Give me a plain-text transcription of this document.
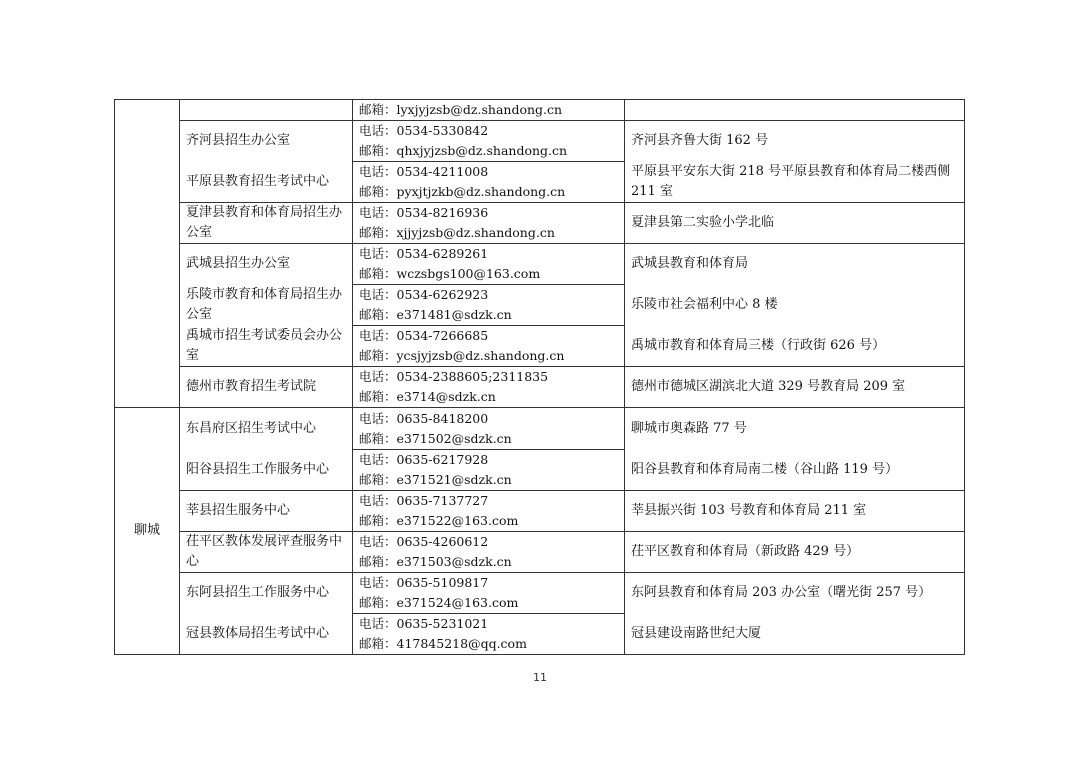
		邮箱：lyxjyjzsb@dz.shandong.cn	

	齐河县招生办公室	电话：0534-5330842
邮箱：qhxjyjzsb@dz.shandong.cn	齐河县齐鲁大街 162 号
	平原县教育招生考试中心	电话：0534-4211008
邮箱：pyxjtjzkb@dz.shandong.cn	平原县平安东大街 218 号平原县教育和体育局二楼西侧 211 室
	夏津县教育和体育局招生办公室	电话：0534-8216936
邮箱：xjjyjzsb@dz.shandong.cn	夏津县第二实验小学北临
	武城县招生办公室	电话：0534-6289261
邮箱：wczsbgs100@163.com	武城县教育和体育局
	乐陵市教育和体育局招生办公室	电话：0534-6262923
邮箱：e371481@sdzk.cn	乐陵市社会福利中心 8 楼
	禹城市招生考试委员会办公室	电话：0534-7266685
邮箱：ycsjyjzsb@dz.shandong.cn	禹城市教育和体育局三楼（行政街 626 号）
	德州市教育招生考试院	电话：0534-2388605;2311835
邮箱：e3714@sdzk.cn	德州市德城区湖滨北大道 329 号教育局 209 室
聊城	东昌府区招生考试中心	电话：0635-8418200
邮箱：e371502@sdzk.cn	聊城市奥森路 77 号
	阳谷县招生工作服务中心	电话：0635-6217928
邮箱：e371521@sdzk.cn	阳谷县教育和体育局南二楼（谷山路 119 号）
	莘县招生服务中心	电话：0635-7137727
邮箱：e371522@163.com	莘县振兴街 103 号教育和体育局 211 室
	茌平区教体发展评查服务中心	电话：0635-4260612
邮箱：e371503@sdzk.cn	茌平区教育和体育局（新政路 429 号）
	东阿县招生工作服务中心	电话：0635-5109817
邮箱：e371524@163.com	东阿县教育和体育局 203 办公室（曙光街 257 号）
	冠县教体局招生考试中心	电话：0635-5231021
邮箱：417845218@qq.com	冠县建设南路世纪大厦
11
